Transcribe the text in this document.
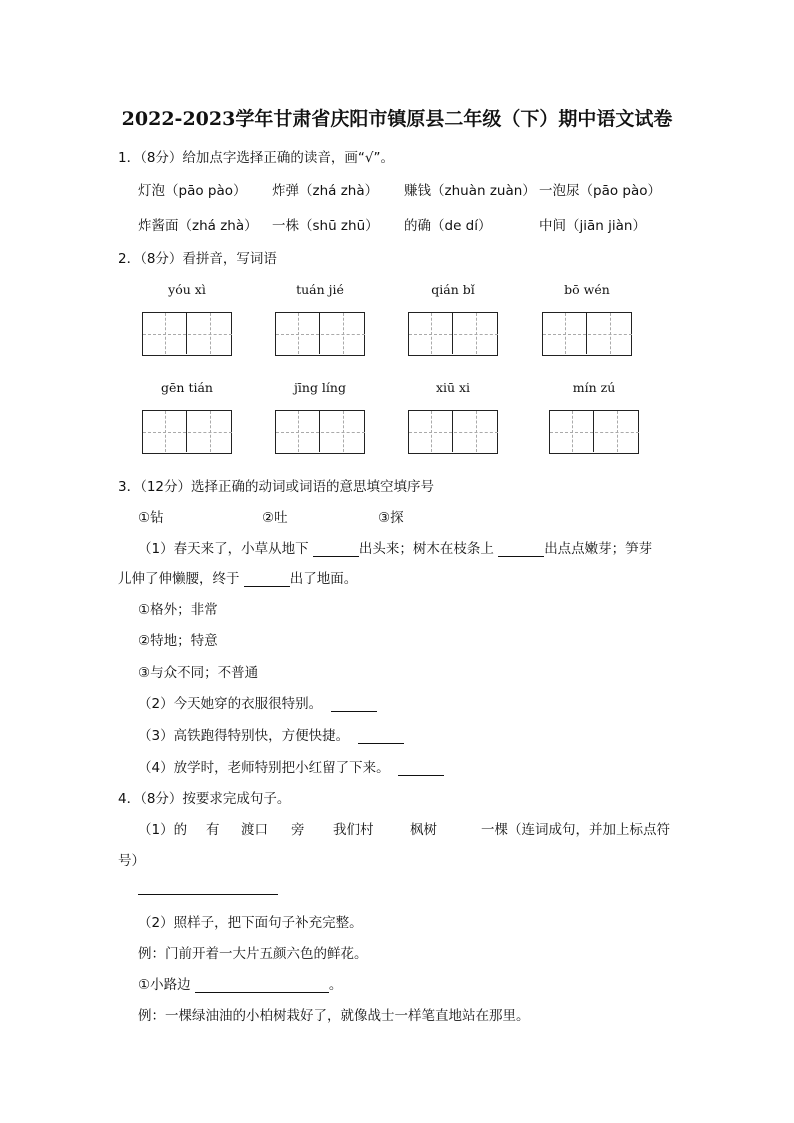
2022-2023学年甘肃省庆阳市镇原县二年级（下）期中语文试卷
1．（8分）给加点字选择正确的读音，画“√”。
灯泡（pāo pào） 炸弹（zhá zhà） 赚钱（zhuàn zuàn） 一泡尿（pāo pào）
炸酱面（zhá zhà） 一株（shū zhū） 的确（de dí）	中间（jiān jiàn）
2．（8分）看拼音，写词语
yóu xì	tuán jié	qián bǐ	bō wén
gēn tián	jīng líng	xiū xi	mín zú
3．（12分）选择正确的动词或词语的意思填空填序号
①钻	②吐	③探
（1）春天来了，小草从地下	出头来；树木在枝条上	出点点嫩芽；笋芽
儿伸了伸懒腰，终于	出了地面。
①格外；非常
②特地；特意
③与众不同；不普通
（2）今天她穿的衣服很特别。
（3）高铁跑得特别快，方便快捷。
（4）放学时，老师特别把小红留了下来。
4．（8分）按要求完成句子。
（1）的 有 渡口 旁 我们村	枫树	一棵（连词成句，并加上标点符
号）
（2）照样子，把下面句子补充完整。
例：门前开着一大片五颜六色的鲜花。
①小路边	。
例：一棵绿油油的小柏树栽好了，就像战士一样笔直地站在那里。
